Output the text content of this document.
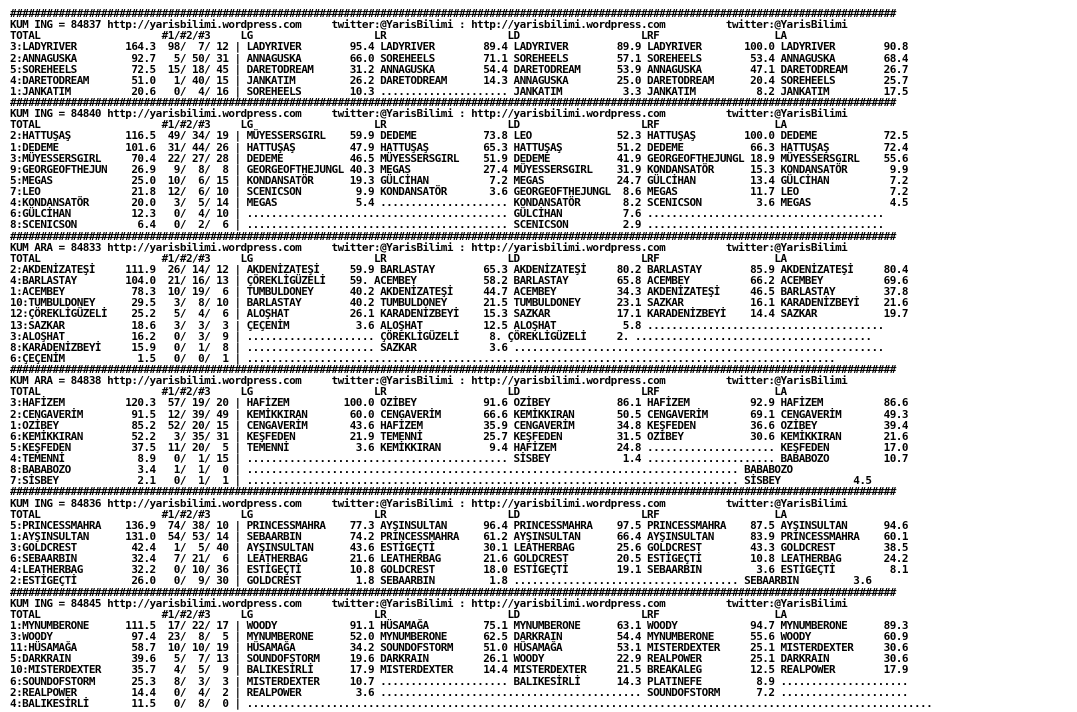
##################################################################################################################################################
KUM ING = 84837 http://yarisbilimi.wordpress.com     twitter:@YarisBilimi : http://yarisbilimi.wordpress.com          twitter:@YarisBilimi
TOTAL                    #1/#2/#3     LG                    LR                    LD                    LRF                   LA
3:LADYRIVER        164.3  98/  7/ 12 | LADYRIVER        95.4 LADYRIVER        89.4 LADYRIVER        89.9 LADYRIVER       100.0 LADYRIVER        90.8
2:ANNAGUSKA         92.7   5/ 50/ 31 | ANNAGUSKA        66.0 SOREHEELS        71.1 SOREHEELS        57.1 SOREHEELS        53.4 ANNAGUSKA        68.4
5:SOREHEELS         72.5  15/ 18/ 45 | DARETODREAM      31.2 ANNAGUSKA        54.4 DARETODREAM      53.9 ANNAGUSKA        47.1 DARETODREAM      26.7
4:DARETODREAM       51.0   1/ 40/ 15 | JANKATIM         26.2 DARETODREAM      14.3 ANNAGUSKA        25.0 DARETODREAM      20.4 SOREHEELS        25.7
1:JANKATIM          20.6   0/  4/ 16 | SOREHEELS        10.3 ..................... JANKATIM          3.3 JANKATIM          8.2 JANKATIM         17.5
##################################################################################################################################################
KUM ING = 84840 http://yarisbilimi.wordpress.com     twitter:@YarisBilimi : http://yarisbilimi.wordpress.com          twitter:@YarisBilimi
TOTAL                    #1/#2/#3     LG                    LR                    LD                    LRF                   LA
2:HATTUŞAŞ         116.5  49/ 34/ 19 | MÜYESSERSGIRL    59.9 DEDEME           73.8 LEO              52.3 HATTUŞAŞ        100.0 DEDEME           72.5
1:DEDEME           101.6  31/ 44/ 26 | HATTUŞAŞ         47.9 HATTUŞAŞ         65.3 HATTUŞAŞ         51.2 DEDEME           66.3 HATTUŞAŞ         72.4
3:MÜYESSERSGIRL     70.4  22/ 27/ 28 | DEDEME           46.5 MÜYESSERSGIRL    51.9 DEDEME           41.9 GEORGEOFTHEJUNGL 18.9 MÜYESSERSGIRL    55.6
9:GEORGEOFTHEJUN    26.9   9/  8/  8 | GEORGEOFTHEJUNGL 40.3 MEGAS            27.4 MÜYESSERSGIRL    31.9 KONDANSATÖR      15.3 KONDANSATÖR       9.9
5:MEGAS             25.0  10/  6/ 15 | KONDANSATÖR      19.3 GÜLCİHAN          7.2 MEGAS            24.7 GÜLCİHAN         13.4 GÜLCİHAN          7.2
7:LEO               21.8  12/  6/ 10 | SCENICSON         9.9 KONDANSATÖR       3.6 GEORGEOFTHEJUNGL  8.6 MEGAS            11.7 LEO               7.2
4:KONDANSATÖR       20.0   3/  5/ 14 | MEGAS             5.4 ..................... KONDANSATÖR       8.2 SCENICSON         3.6 MEGAS             4.5
6:GÜLCİHAN          12.3   0/  4/ 10 | ........................................... GÜLCİHAN          7.6 .......................................
8:SCENICSON          6.4   0/  2/  6 | ........................................... SCENICSON         2.9 .......................................
##################################################################################################################################################
KUM ARA = 84833 http://yarisbilimi.wordpress.com     twitter:@YarisBilimi : http://yarisbilimi.wordpress.com          twitter:@YarisBilimi
TOTAL                    #1/#2/#3     LG                    LR                    LD                    LRF                   LA
2:AKDENİZATEŞİ     111.9  26/ 14/ 12 | AKDENİZATEŞİ     59.9 BARLASTAY        65.3 AKDENİZATEŞİ     80.2 BARLASTAY        85.9 AKDENİZATEŞİ     80.4
4:BARLASTAY        104.0  21/ 16/ 13 | ÇÖREKLİGÜZELİ    59. ACEMBEY           58.2 BARLASTAY        65.8 ACEMBEY          66.2 ACEMBEY          69.6
1:ACEMBEY           78.3  10/ 19/  6 | TUMBULDONEY      40.2 AKDENİZATEŞİ     44.7 ACEMBEY          34.3 AKDENİZATEŞİ     46.5 BARLASTAY        37.8
10:TUMBULDONEY      29.5   3/  8/ 10 | BARLASTAY        40.2 TUMBULDONEY      21.5 TUMBULDONEY      23.1 SAZKAR           16.1 KARADENİZBEYİ    21.6
12:ÇÖREKLİGÜZELİ    25.2   5/  4/  6 | ALOŞHAT          26.1 KARADENİZBEYİ    15.3 SAZKAR           17.1 KARADENİZBEYİ    14.4 SAZKAR           19.7
13:SAZKAR           18.6   3/  3/  3 | ÇEÇENİM           3.6 ALOŞHAT          12.5 ALOŞHAT           5.8 .......................................
3:ALOŞHAT           16.2   0/  3/  9 | ..................... ÇÖREKLİGÜZELİ     8. ÇÖREKLİGÜZELİ     2. .......................................
8:KARADENİZBEYİ     15.9   0/  1/  8 | ..................... SAZKAR            3.6 .............................................................
6:ÇEÇENİM            1.5   0/  0/  1 | .................................................................................................
##################################################################################################################################################
KUM ARA = 84838 http://yarisbilimi.wordpress.com     twitter:@YarisBilimi : http://yarisbilimi.wordpress.com          twitter:@YarisBilimi
TOTAL                    #1/#2/#3     LG                    LR                    LD                    LRF                   LA
3:HAFİZEM          120.3  57/ 19/ 20 | HAFİZEM         100.0 OZİBEY           91.6 OZİBEY           86.1 HAFİZEM          92.9 HAFİZEM          86.6
2:CENGAVERİM        91.5  12/ 39/ 49 | KEMİKKIRAN       60.0 CENGAVERİM       66.6 KEMİKKIRAN       50.5 CENGAVERİM       69.1 CENGAVERİM       49.3
1:OZİBEY            85.2  52/ 20/ 15 | CENGAVERİM       43.6 HAFİZEM          35.9 CENGAVERİM       34.8 KEŞFEDEN         36.6 OZİBEY           39.4
6:KEMİKKIRAN        52.2   3/ 35/ 31 | KEŞFEDEN         21.9 TEMENNİ          25.7 KEŞFEDEN         31.5 OZİBEY           30.6 KEMİKKIRAN       21.6
5:KEŞFEDEN          37.5  11/ 20/  5 | TEMENNİ           3.6 KEMİKKIRAN        9.4 HAFİZEM          24.8 ..................... KEŞFEDEN         17.0
4:TEMENNİ            8.9   0/  1/ 15 | ........................................... SİSBEY            1.4 ..................... BABABOZO         10.7
8:BABABOZO           3.4   1/  1/  0 | ................................................................................. BABABOZO
7:SİSBEY             2.1   0/  1/  1 | ................................................................................. SİSBEY            4.5
##################################################################################################################################################
KUM ING = 84836 http://yarisbilimi.wordpress.com     twitter:@YarisBilimi : http://yarisbilimi.wordpress.com          twitter:@YarisBilimi
TOTAL                    #1/#2/#3     LG                    LR                    LD                    LRF                   LA
5:PRINCESSMAHRA    136.9  74/ 38/ 10 | PRINCESSMAHRA    77.3 AYŞINSULTAN      96.4 PRINCESSMAHRA    97.5 PRINCESSMAHRA    87.5 AYŞINSULTAN      94.6
1:AYŞINSULTAN      131.0  54/ 53/ 14 | SEBAARBIN        74.2 PRINCESSMAHRA    61.2 AYŞINSULTAN      66.4 AYŞINSULTAN      83.9 PRINCESSMAHRA    60.1
3:GOLDCREST         42.4   1/  5/ 40 | AYŞINSULTAN      43.6 ESTİGEÇTİ        30.1 LEATHERBAG       25.6 GOLDCREST        43.3 GOLDCREST        38.5
6:SEBAARBIN         32.4   7/ 21/  6 | LEATHERBAG       21.6 LEATHERBAG       21.6 GOLDCREST        20.5 ESTİGEÇTİ        10.8 LEATHERBAG       24.2
4:LEATHERBAG        32.2   0/ 10/ 36 | ESTİGEÇTİ        10.8 GOLDCREST        18.0 ESTİGEÇTİ        19.1 SEBAARBIN         3.6 ESTİGEÇTİ         8.1
2:ESTİGEÇTİ         26.0   0/  9/ 30 | GOLDCREST         1.8 SEBAARBIN         1.8 ..................................... SEBAARBIN         3.6
##################################################################################################################################################
KUM ING = 84845 http://yarisbilimi.wordpress.com     twitter:@YarisBilimi : http://yarisbilimi.wordpress.com          twitter:@YarisBilimi
TOTAL                    #1/#2/#3     LG                    LR                    LD                    LRF                   LA
1:MYNUMBERONE      111.5  17/ 22/ 17 | WOODY            91.1 HÜSAMAĞA         75.1 MYNUMBERONE      63.1 WOODY            94.7 MYNUMBERONE      89.3
3:WOODY             97.4  23/  8/  5 | MYNUMBERONE      52.0 MYNUMBERONE      62.5 DARKRAIN         54.4 MYNUMBERONE      55.6 WOODY            60.9
11:HÜSAMAĞA         58.7  10/ 10/ 19 | HÜSAMAĞA         34.2 SOUNDOFSTORM     51.0 HÜSAMAĞA         53.1 MISTERDEXTER     25.1 MISTERDEXTER     30.6
5:DARKRAIN          39.6   5/  7/ 13 | SOUNDOFSTORM     19.6 DARKRAIN         26.1 WOODY            22.9 REALPOWER        25.1 DARKRAIN         30.6
10:MISTERDEXTER     35.7   4/  5/  9 | BALIKESİRLİ      17.9 MISTERDEXTER     14.4 MISTERDEXTER     21.5 BREAKALEG        12.5 REALPOWER        17.9
6:SOUNDOFSTORM      25.3   8/  3/  3 | MISTERDEXTER     10.7 ..................... BALIKESİRLİ      14.3 PLATINEFE         8.9 .....................
2:REALPOWER         14.4   0/  4/  2 | REALPOWER         3.6 ........................................... SOUNDOFSTORM      7.2 .....................
4:BALIKESİRLİ       11.5   0/  8/  0 | .................................................................................................................
